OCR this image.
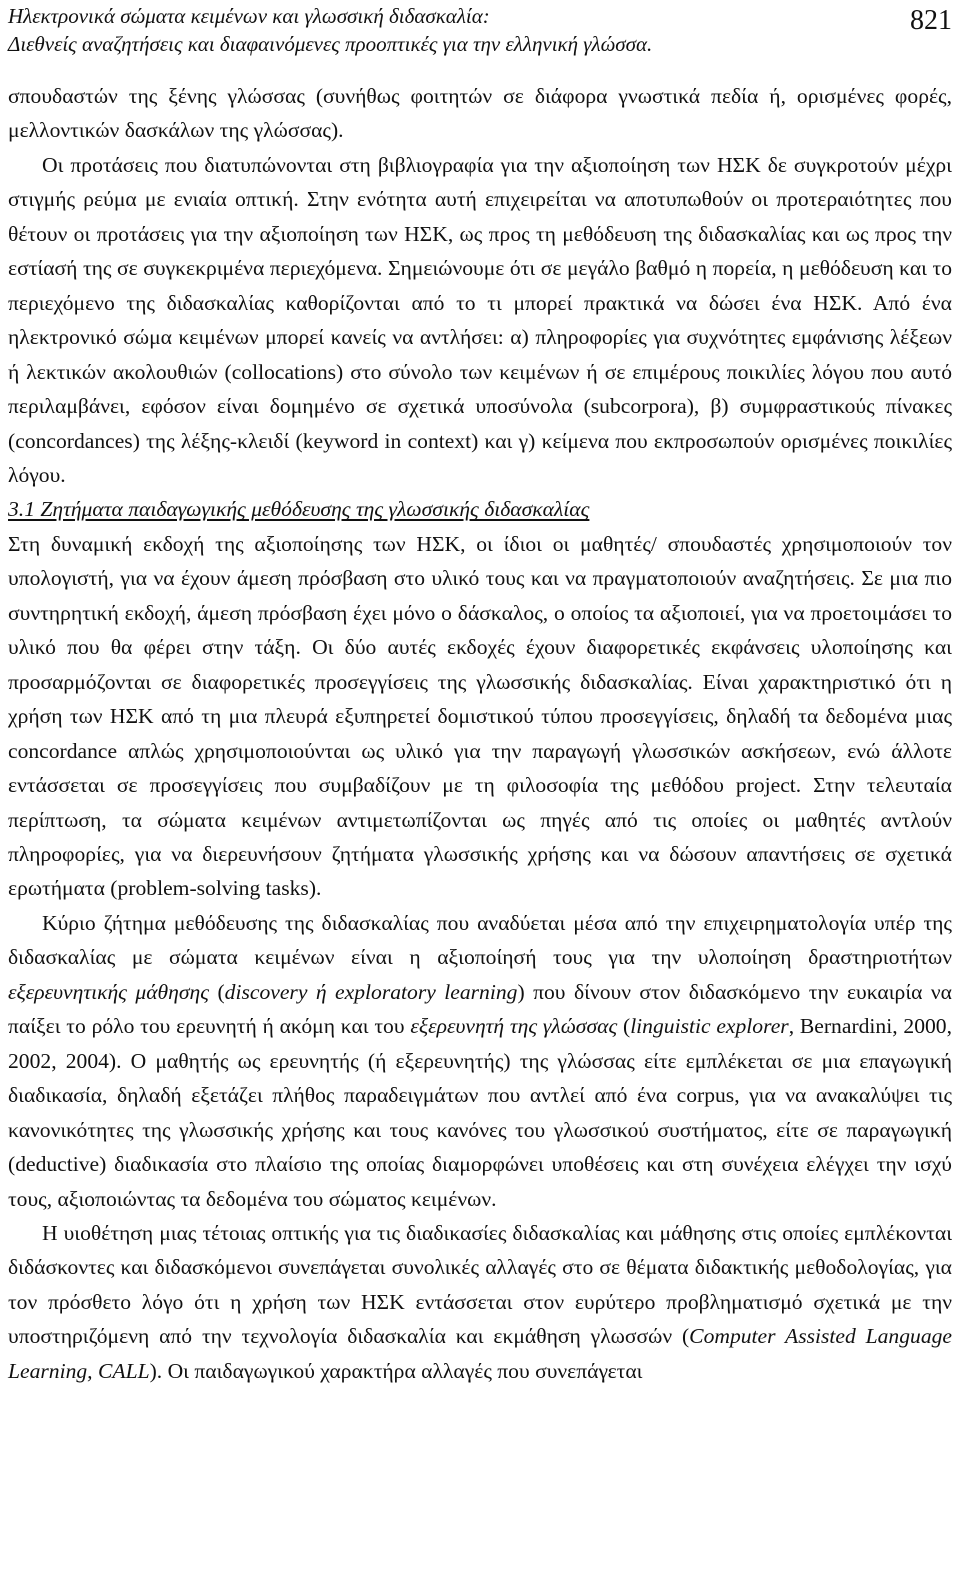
Ηλεκτρονικά σώματα κειμένων και γλωσσική διδασκαλία:
Διεθνείς αναζητήσεις και διαφαινόμενες προοπτικές για την ελληνική γλώσσα.
821

σπουδαστών της ξένης γλώσσας (συνήθως φοιτητών σε διάφορα γνωστικά πεδία ή, ορισμένες φορές, μελλοντικών δασκάλων της γλώσσας).

Οι προτάσεις που διατυπώνονται στη βιβλιογραφία για την αξιοποίηση των ΗΣΚ δε συγκροτούν μέχρι στιγμής ρεύμα με ενιαία οπτική. Στην ενότητα αυτή επιχειρείται να αποτυπωθούν οι προτεραιότητες που θέτουν οι προτάσεις για την αξιοποίηση των ΗΣΚ, ως προς τη μεθόδευση της διδασκαλίας και ως προς την εστίασή της σε συγκεκριμένα περιεχόμενα. Σημειώνουμε ότι σε μεγάλο βαθμό η πορεία, η μεθόδευση και το περιεχόμενο της διδασκαλίας καθορίζονται από το τι μπορεί πρακτικά να δώσει ένα ΗΣΚ. Από ένα ηλεκτρονικό σώμα κειμένων μπορεί κανείς να αντλήσει: α) πληροφορίες για συχνότητες εμφάνισης λέξεων ή λεκτικών ακολουθιών (collocations) στο σύνολο των κειμένων ή σε επιμέρους ποικιλίες λόγου που αυτό περιλαμβάνει, εφόσον είναι δομημένο σε σχετικά υποσύνολα (subcorpora), β) συμφραστικούς πίνακες (concordances) της λέξης-κλειδί (keyword in context) και γ) κείμενα που εκπροσωπούν ορισμένες ποικιλίες λόγου.

3.1 Ζητήματα παιδαγωγικής μεθόδευσης της γλωσσικής διδασκαλίας

Στη δυναμική εκδοχή της αξιοποίησης των ΗΣΚ, οι ίδιοι οι μαθητές/ σπουδαστές χρησιμοποιούν τον υπολογιστή, για να έχουν άμεση πρόσβαση στο υλικό τους και να πραγματοποιούν αναζητήσεις. Σε μια πιο συντηρητική εκδοχή, άμεση πρόσβαση έχει μόνο ο δάσκαλος, ο οποίος τα αξιοποιεί, για να προετοιμάσει το υλικό που θα φέρει στην τάξη. Οι δύο αυτές εκδοχές έχουν διαφορετικές εκφάνσεις υλοποίησης και προσαρμόζονται σε διαφορετικές προσεγγίσεις της γλωσσικής διδασκαλίας. Είναι χαρακτηριστικό ότι η χρήση των ΗΣΚ από τη μια πλευρά εξυπηρετεί δομιστικού τύπου προσεγγίσεις, δηλαδή τα δεδομένα μιας concordance απλώς χρησιμοποιούνται ως υλικό για την παραγωγή γλωσσικών ασκήσεων, ενώ άλλοτε εντάσσεται σε προσεγγίσεις που συμβαδίζουν με τη φιλοσοφία της μεθόδου project. Στην τελευταία περίπτωση, τα σώματα κειμένων αντιμετωπίζονται ως πηγές από τις οποίες οι μαθητές αντλούν πληροφορίες, για να διερευνήσουν ζητήματα γλωσσικής χρήσης και να δώσουν απαντήσεις σε σχετικά ερωτήματα (problem-solving tasks).

Κύριο ζήτημα μεθόδευσης της διδασκαλίας που αναδύεται μέσα από την επιχειρηματολογία υπέρ της διδασκαλίας με σώματα κειμένων είναι η αξιοποίησή τους για την υλοποίηση δραστηριοτήτων εξερευνητικής μάθησης (discovery ή exploratory learning) που δίνουν στον διδασκόμενο την ευκαιρία να παίξει το ρόλο του ερευνητή ή ακόμη και του εξερευνητή της γλώσσας (linguistic explorer, Bernardini, 2000, 2002, 2004). Ο μαθητής ως ερευνητής (ή εξερευνητής) της γλώσσας είτε εμπλέκεται σε μια επαγωγική διαδικασία, δηλαδή εξετάζει πλήθος παραδειγμάτων που αντλεί από ένα corpus, για να ανακαλύψει τις κανονικότητες της γλωσσικής χρήσης και τους κανόνες του γλωσσικού συστήματος, είτε σε παραγωγική (deductive) διαδικασία στο πλαίσιο της οποίας διαμορφώνει υποθέσεις και στη συνέχεια ελέγχει την ισχύ τους, αξιοποιώντας τα δεδομένα του σώματος κειμένων.

Η υιοθέτηση μιας τέτοιας οπτικής για τις διαδικασίες διδασκαλίας και μάθησης στις οποίες εμπλέκονται διδάσκοντες και διδασκόμενοι συνεπάγεται συνολικές αλλαγές στο σε θέματα διδακτικής μεθοδολογίας, για τον πρόσθετο λόγο ότι η χρήση των ΗΣΚ εντάσσεται στον ευρύτερο προβληματισμό σχετικά με την υποστηριζόμενη από την τεχνολογία διδασκαλία και εκμάθηση γλωσσών (Computer Assisted Language Learning, CALL). Οι παιδαγωγικού χαρακτήρα αλλαγές που συνεπάγεται
